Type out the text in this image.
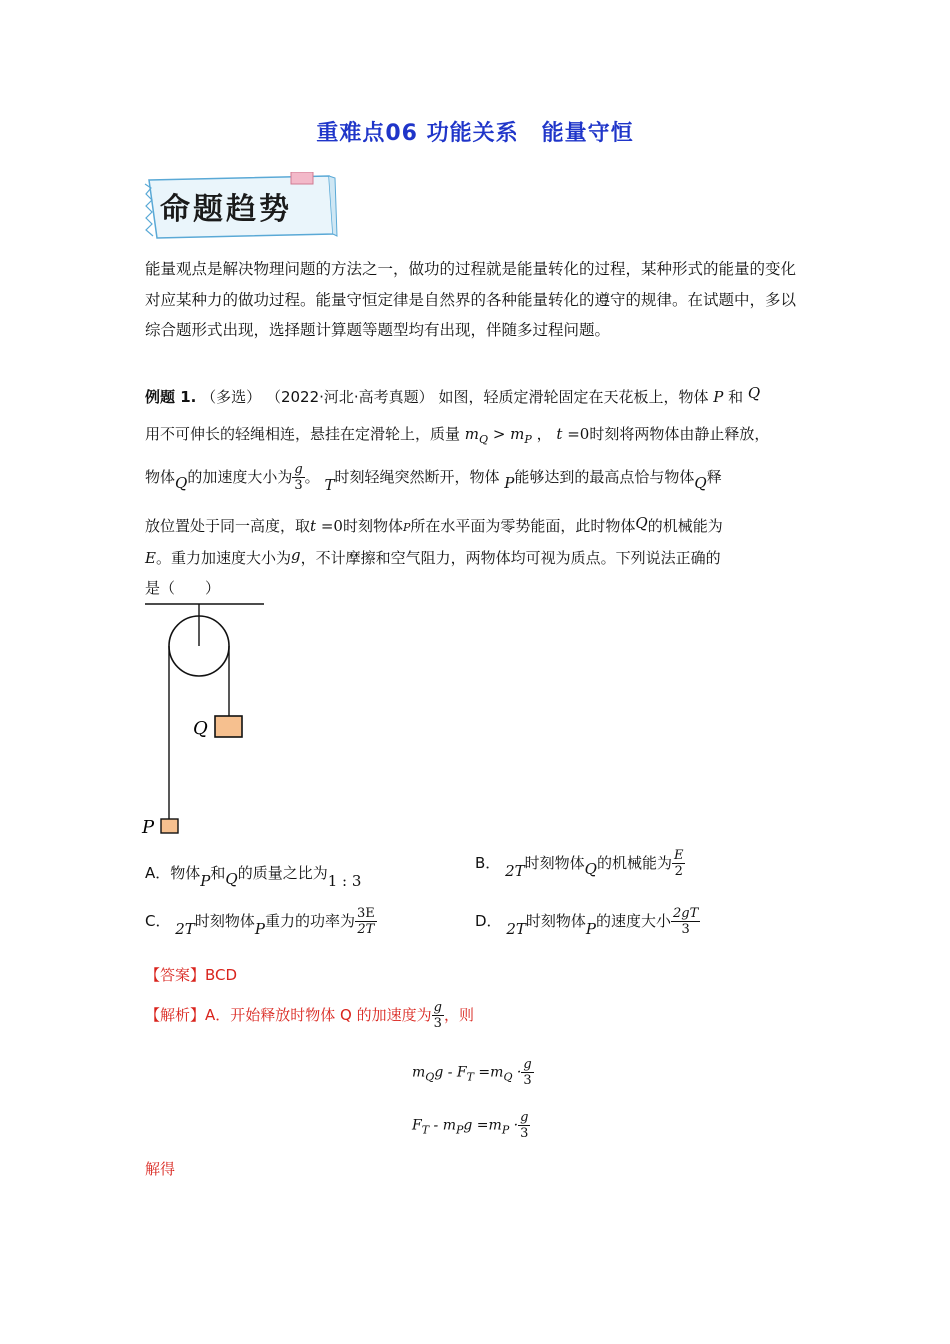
重难点06 功能关系　能量守恒
命题趋势
能量观点是解决物理问题的方法之一，做功的过程就是能量转化的过程，某种形式的能量的变化对应某种力的做功过程。能量守恒定律是自然界的各种能量转化的遵守的规律。在试题中，多以综合题形式出现，选择题计算题等题型均有出现，伴随多过程问题。
例题 1. （多选） （2022·河北·高考真题） 如图，轻质定滑轮固定在天花板上，物体 P 和 Q
用不可伸长的轻绳相连，悬挂在定滑轮上，质量 $m_Q > m_P$ ， t =0时刻将两物体由静止释放，
物体Q的加速度大小为 $\frac{g}{3}$ 。 T时刻轻绳突然断开，物体 P能够达到的最高点恰与物体Q释
放位置处于同一高度，取t =0时刻物体P所在水平面为零势能面，此时物体Q的机械能为
E。重力加速度大小为g，不计摩擦和空气阻力，两物体均可视为质点。下列说法正确的
是（　　）
Q
P
A．物体P和Q的质量之比为1 : 3
B． 2T时刻物体Q的机械能为 $\frac{E}{2}$
C． 2T时刻物体P重力的功率为 $\frac{3E}{2T}$	D． 2T时刻物体P的速度大小 $\frac{2gT}{3}$
【答案】BCD
【解析】A．开始释放时物体 Q 的加速度为 $\frac{g}{3}$ ，则
$m_Qg - F_T =m_Q \cdot \frac{g}{3}$
$F_T - m_Pg =m_P \cdot \frac{g}{3}$
解得
